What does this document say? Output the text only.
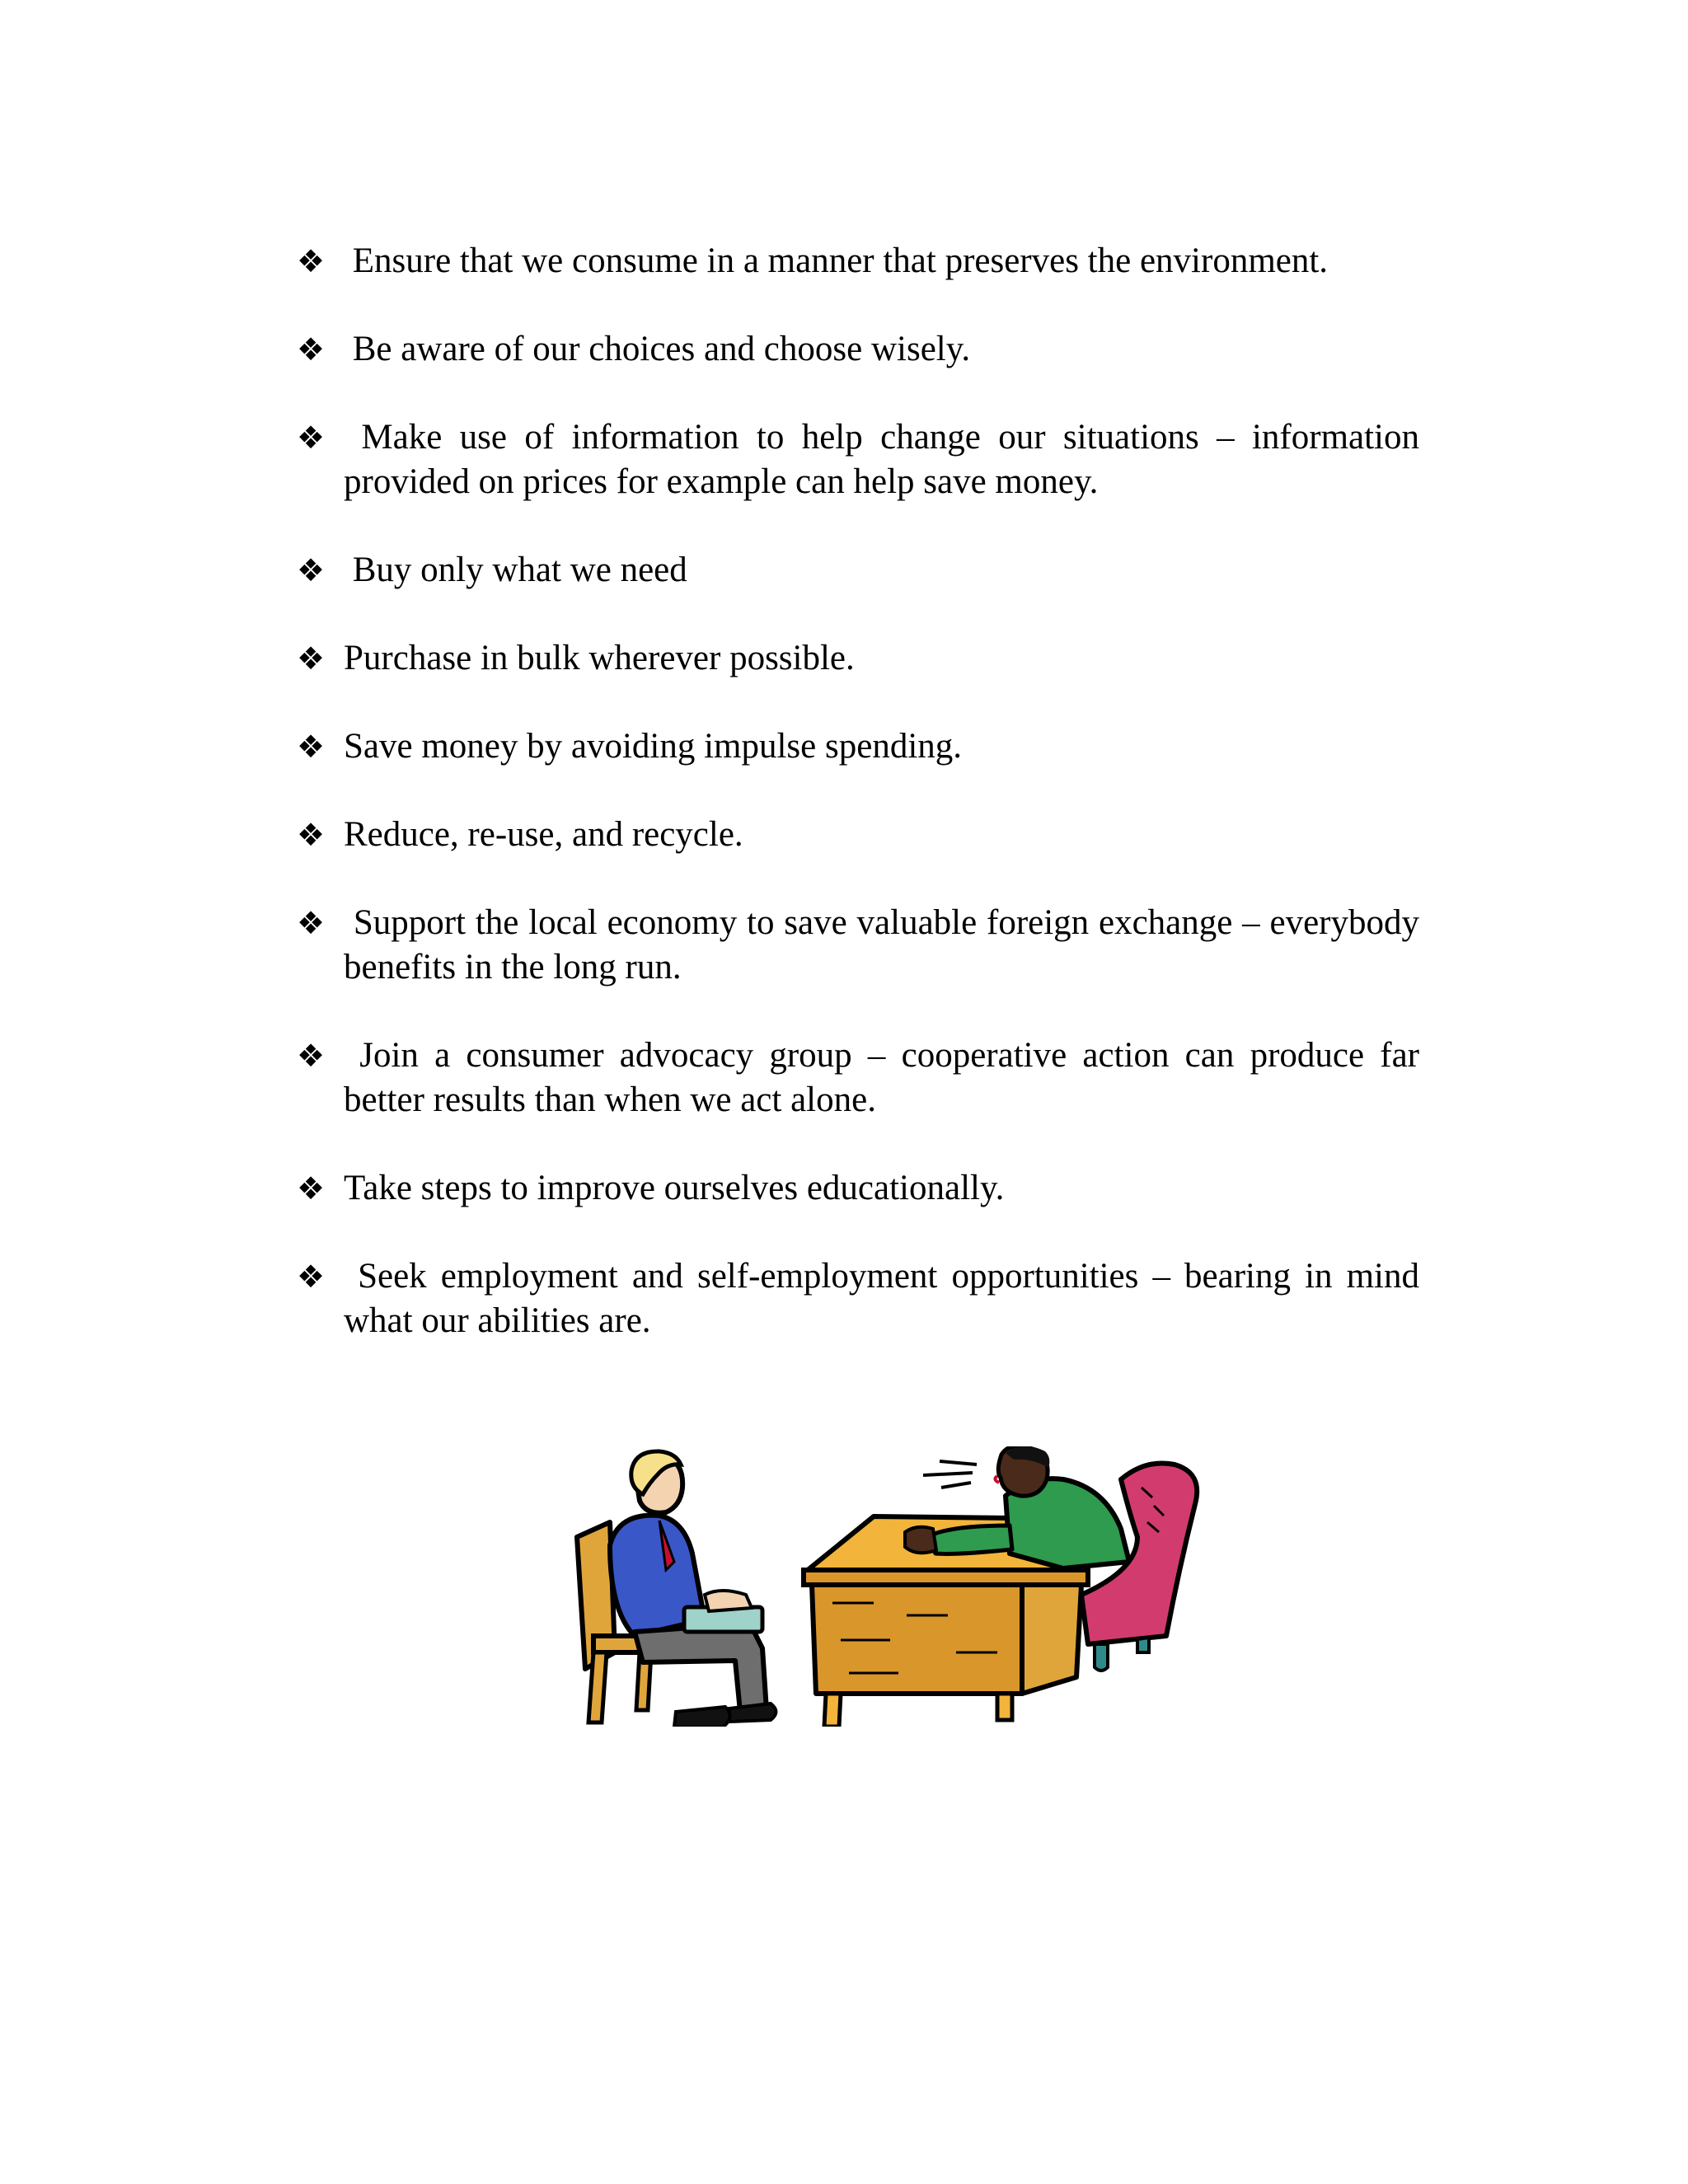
❖ Ensure that we consume in a manner that preserves the environment.
❖ Be aware of our choices and choose wisely.
❖ Make use of information to help change our situations – information provided on prices for example can help save money.
❖ Buy only what we need
❖ Purchase in bulk wherever possible.
❖ Save money by avoiding impulse spending.
❖ Reduce, re-use, and recycle.
❖ Support the local economy to save valuable foreign exchange – everybody benefits in the long run.
❖ Join a consumer advocacy group – cooperative action can produce far better results than when we act alone.
❖ Take steps to improve ourselves educationally.
❖ Seek employment and self-employment opportunities – bearing in mind what our abilities are.
